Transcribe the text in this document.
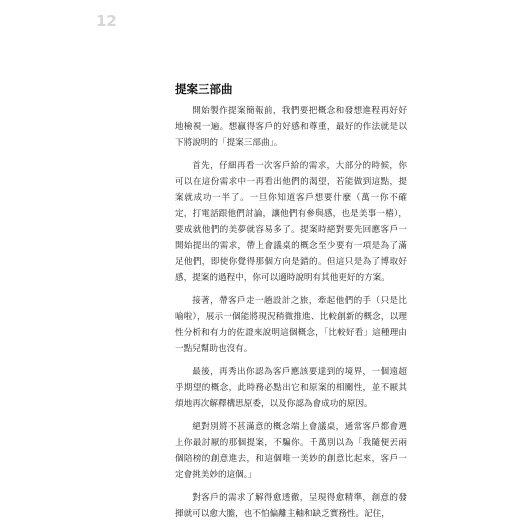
12
提案三部曲

開始製作提案簡報前，我們要把概念和發想進程再好好地檢視一遍。想贏得客戶的好感和尊重，最好的作法就是以下將說明的「提案三部曲」。

首先，仔細再看一次客戶給的需求，大部分的時候，你可以在這份需求中一再看出他們的渴望，若能做到這點，提案就成功一半了。一旦你知道客戶想要什麼（萬一你不確定，打電話跟他們討論，讓他們有參與感，也是美事一樁），要成就他們的美夢就容易多了。提案時絕對要先回應客戶一開始提出的需求，帶上會議桌的概念至少要有一項是為了滿足他們，即使你覺得那個方向是錯的。但這只是為了博取好感，提案的過程中，你可以適時說明有其他更好的方案。

接著，帶客戶走一趟設計之旅，牽起他們的手（只是比喻啦），展示一個能將現況稍微推進、比較創新的概念，以理性分析和有力的佐證來說明這個概念，「比較好看」這種理由一點兒幫助也沒有。

最後，再秀出你認為客戶應該要達到的境界，一個遠超乎期望的概念，此時務必點出它和原案的相關性，並不厭其煩地再次解釋構思原委，以及你認為會成功的原因。

絕對別將不甚滿意的概念端上會議桌，通常客戶都會選上你最討厭的那個提案，不騙你。千萬別以為「我隨便丟兩個陪榜的創意進去，和這個唯一美妙的創意比起來，客戶一定會挑美妙的這個。」

對客戶的需求了解得愈透徹，呈現得愈精準，創意的發揮就可以愈大膽，也不怕偏離主軸和缺乏實務性。記住，
